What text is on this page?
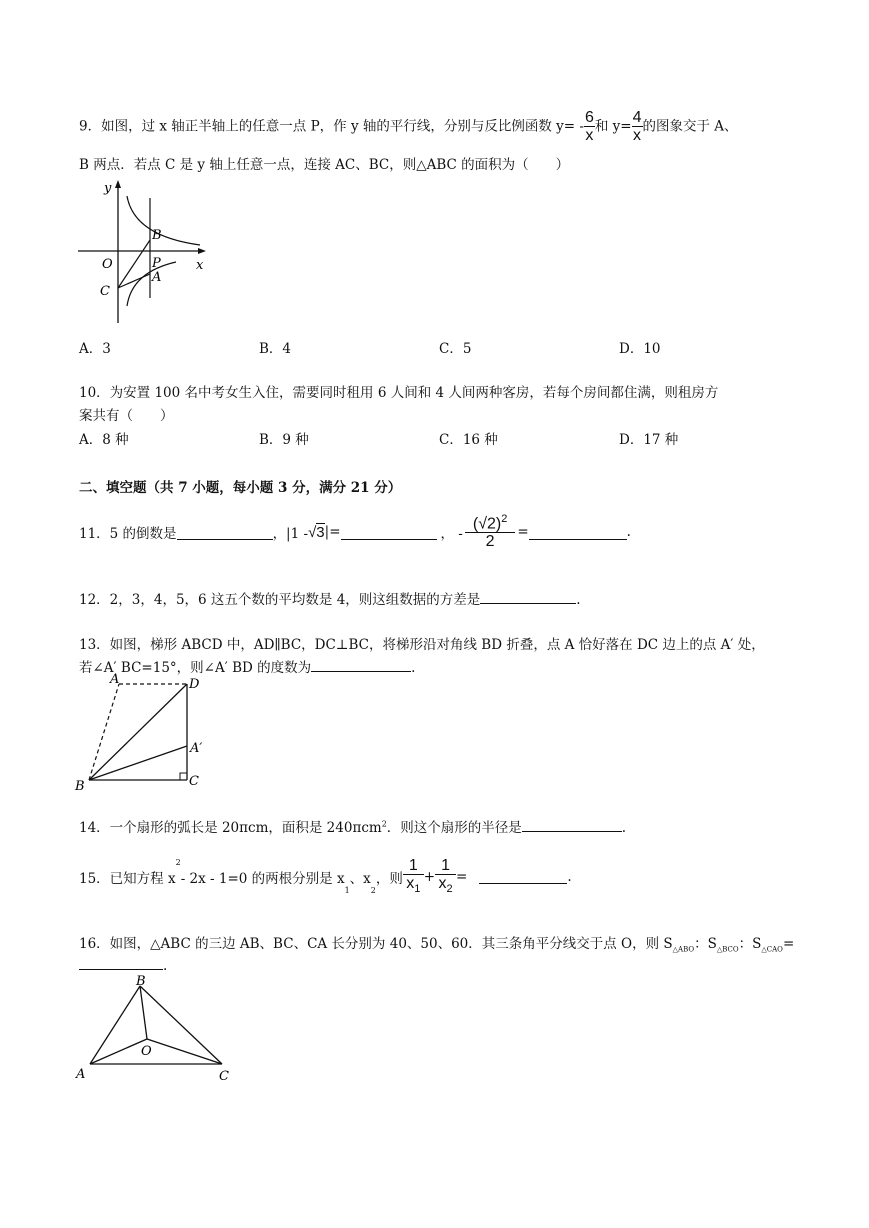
9．如图，过 x 轴正半轴上的任意一点 P，作 y 轴的平行线，分别与反比例函数 $y= - \frac{6}{x}$ 和 $y= \frac{4}{x}$ 的图象交于 A、
B 两点．若点 C 是 y 轴上任意一点，连接 AC、BC，则△ABC 的面积为（　　）
y
x
O
B
P
A
C
A．3	B．4	C．5	D．10
10．为安置 100 名中考女生入住，需要同时租用 6 人间和 4 人间两种客房，若每个房间都住满，则租房方
案共有（　　）
A．8 种	B．9 种	C．16 种	D．17 种
二、填空题（共 7 小题，每小题 3 分，满分 21 分）
11．5 的倒数是	，|1 - √3 |=	， - $\frac{(√2)^2}{2}$ =	.
12．2，3，4，5，6 这五个数的平均数是 4，则这组数据的方差是	.
13．如图，梯形 ABCD 中，AD∥BC，DC⊥BC，将梯形沿对角线 BD 折叠，点 A 恰好落在 DC 边上的点 A′ 处，
若∠A′ BC=15°，则∠A′ BD 的度数为	.
A	D
A′
B	C
14．一个扇形的弧长是 20πcm，面积是 240πcm$^2$．则这个扇形的半径是	.
15．已知方程 x
$^2$
- 2x - 1=0 的两根分别是 x
$_1$
、x
$_2$
，则 $\frac{1}{x_1} + \frac{1}{x_2}$ =	.
16．如图，△ABC 的三边 AB、BC、CA 长分别为 40、50、60．其三条角平分线交于点 O，则 $S_{\triangle ABO}$：$S_{\triangle BCO}$：$S_{\triangle CAO}=$
.
B
O
A	C
